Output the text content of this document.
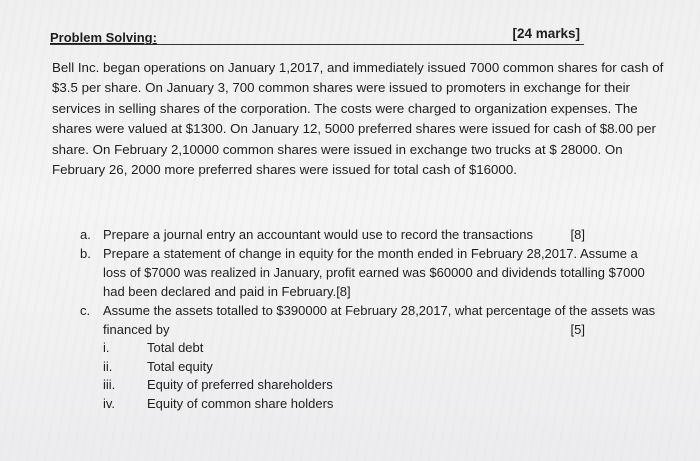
Problem Solving:	[24 marks]
Bell Inc. began operations on January 1,2017, and immediately issued 7000 common shares for cash of
$3.5 per share. On January 3, 700 common shares were issued to promoters in exchange for their
services in selling shares of the corporation. The costs were charged to organization expenses. The
shares were valued at $1300. On January 12, 5000 preferred shares were issued for cash of $8.00 per
share. On February 2,10000 common shares were issued in exchange two trucks at $ 28000. On
February 26, 2000 more preferred shares were issued for total cash of $16000.
a. Prepare a journal entry an accountant would use to record the transactions	[8]
b. Prepare a statement of change in equity for the month ended in February 28,2017. Assume a
loss of $7000 was realized in January, profit earned was $60000 and dividends totalling $7000
had been declared and paid in February.[8]
c. Assume the assets totalled to $390000 at February 28,2017, what percentage of the assets was
financed by	[5]
i.	Total debt
ii.	Total equity
iii. Equity of preferred shareholders
iv. Equity of common share holders
